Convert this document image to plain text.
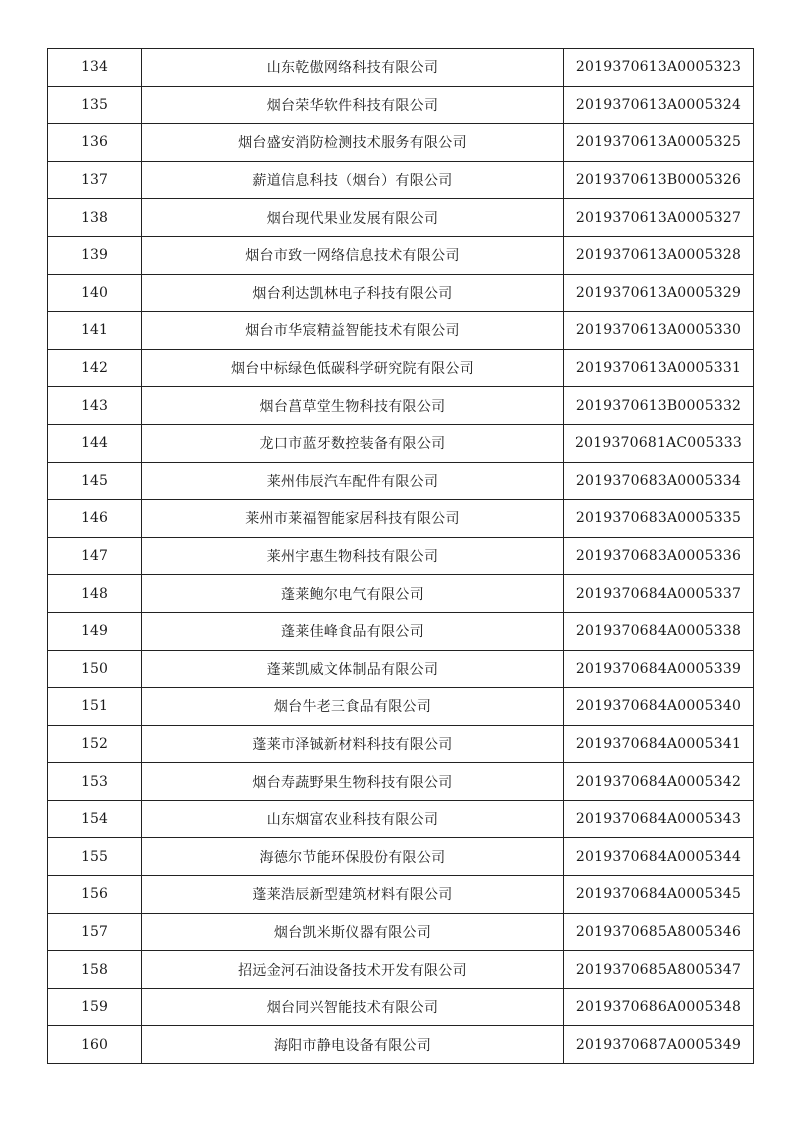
134	山东乾傲网络科技有限公司	2019370613A0005323
135	烟台荣华软件科技有限公司	2019370613A0005324
136	烟台盛安消防检测技术服务有限公司	2019370613A0005325
137	薪道信息科技（烟台）有限公司	2019370613B0005326
138	烟台现代果业发展有限公司	2019370613A0005327
139	烟台市致一网络信息技术有限公司	2019370613A0005328
140	烟台利达凯林电子科技有限公司	2019370613A0005329
141	烟台市华宸精益智能技术有限公司	2019370613A0005330
142	烟台中标绿色低碳科学研究院有限公司	2019370613A0005331
143	烟台菖草堂生物科技有限公司	2019370613B0005332
144	龙口市蓝牙数控装备有限公司	2019370681AC005333
145	莱州伟辰汽车配件有限公司	2019370683A0005334
146	莱州市莱福智能家居科技有限公司	2019370683A0005335
147	莱州宇惠生物科技有限公司	2019370683A0005336
148	蓬莱鲍尔电气有限公司	2019370684A0005337
149	蓬莱佳峰食品有限公司	2019370684A0005338
150	蓬莱凯威文体制品有限公司	2019370684A0005339
151	烟台牛老三食品有限公司	2019370684A0005340
152	蓬莱市泽铖新材料科技有限公司	2019370684A0005341
153	烟台寿蔬野果生物科技有限公司	2019370684A0005342
154	山东烟富农业科技有限公司	2019370684A0005343
155	海德尔节能环保股份有限公司	2019370684A0005344
156	蓬莱浩辰新型建筑材料有限公司	2019370684A0005345
157	烟台凯米斯仪器有限公司	2019370685A8005346
158	招远金河石油设备技术开发有限公司	2019370685A8005347
159	烟台同兴智能技术有限公司	2019370686A0005348
160	海阳市静电设备有限公司	2019370687A0005349
